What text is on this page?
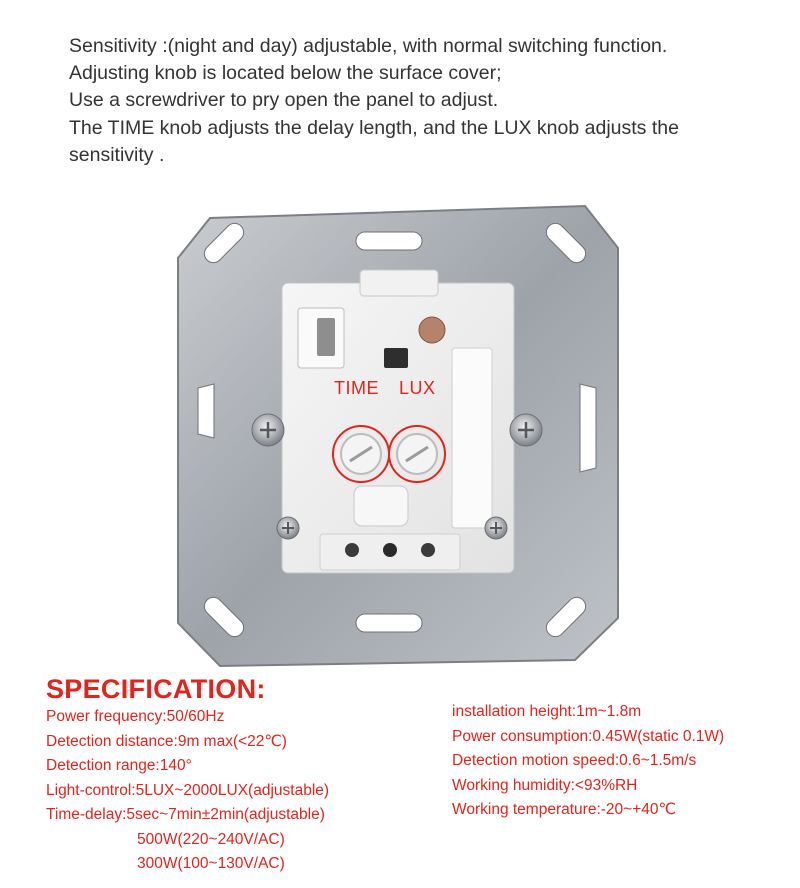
Sensitivity :(night and day) adjustable, with normal switching function.

Adjusting knob is located below the surface cover;

Use a screwdriver to pry open the panel to adjust.

The TIME knob adjusts the delay length, and the LUX knob adjusts the

sensitivity .

TIME LUX
SPECIFICATION:
Power frequency:50/60Hz
Detection distance:9m max(<22℃)
Detection range:140°
Light-control:5LUX~2000LUX(adjustable)
Time-delay:5sec~7min±2min(adjustable)
500W(220~240V/AC)
300W(100~130V/AC)
installation height:1m~1.8m
Power consumption:0.45W(static 0.1W)
Detection motion speed:0.6~1.5m/s
Working humidity:<93%RH
Working temperature:-20~+40℃
